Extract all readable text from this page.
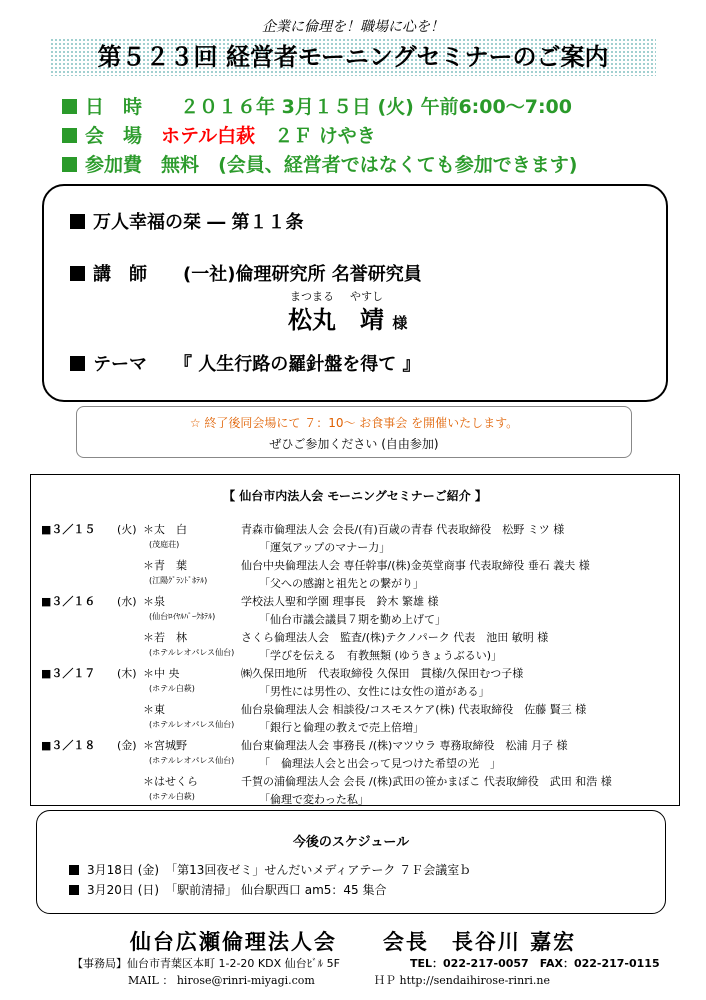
企業に倫理を！職場に心を！
第５２３回 経営者モーニングセミナーのご案内
日　時　　 ２０１６年 3月１５日 (火) 午前6:00～7:00
会　場　 ホテル白萩　 ２Ｆ けやき
参加費　 無料　 (会員、経営者ではなくても参加できます)
万人幸福の栞 ― 第１１条
講　師　　 (一社)倫理研究所 名誉研究員
まつまる やすし
松丸　 靖 様
テーマ　　 『 人生行路の羅針盤を得て 』
☆ 終了後同会場にて ７：10～ お食事会 を開催いたします。
ぜひご参加ください (自由参加)
【 仙台市内法人会 モーニングセミナーご紹介 】
■３／１５ (火) ＊太　白
(茂庭荘)
青森市倫理法人会 会長/(有)百歳の青春 代表取締役　松野 ミツ 様
「運気アップのマナー力」
＊青　葉
(江陽ｸﾞﾗﾝﾄﾞﾎﾃﾙ)
仙台中央倫理法人会 専任幹事/(株)金英堂商事 代表取締役 垂石 義夫 様
「父への感謝と祖先との繋がり」
■３／１６ (水) ＊泉
(仙台ﾛｲﾔﾙﾊﾟｰｸﾎﾃﾙ)
学校法人聖和学園 理事長　鈴木 繁雄 様
「仙台市議会議員７期を勤め上げて」
＊若　林
(ホテルレオパレス仙台)
さくら倫理法人会　監査/(株)テクノパーク 代表　池田 敏明 様
「学びを伝える　有教無類 (ゆうきょうぶるい)」
■３／１７ (木) ＊中 央
(ホテル白萩)
㈱久保田地所　代表取締役 久保田　貫様/久保田むつ子様
「男性には男性の、女性には女性の道がある」
＊東
(ホテルレオパレス仙台)
仙台泉倫理法人会 相談役/コスモスケア(株) 代表取締役　佐藤 賢三 様
「銀行と倫理の教えで売上倍増」
■３／１８ (金) ＊宮城野
(ホテルレオパレス仙台)
仙台東倫理法人会 事務長 /(株)マツウラ 専務取締役　松浦 月子 様
「　倫理法人会と出会って見つけた希望の光　」
＊はせくら
(ホテル白萩)
千賀の浦倫理法人会 会長 /(株)武田の笹かまぼこ 代表取締役　武田 和浩 様
「倫理で変わった私」
今後のスケジュール
3月18日 (金)　「第13回夜ゼミ」せんだいメディアテーク ７Ｆ会議室ｂ
3月20日 (日)　「駅前清掃」 仙台駅西口 am5：45 集合
仙台広瀬倫理法人会　　 会長　長谷川 嘉宏
【事務局】仙台市青葉区本町 1-2-20 KDX 仙台ﾋﾞﾙ 5F	TEL：022-217-0057　FAX：022-217-0115
MAIL ： hirose@rinri-miyagi.com	ＨＰ http://sendaihirose-rinri.ne
